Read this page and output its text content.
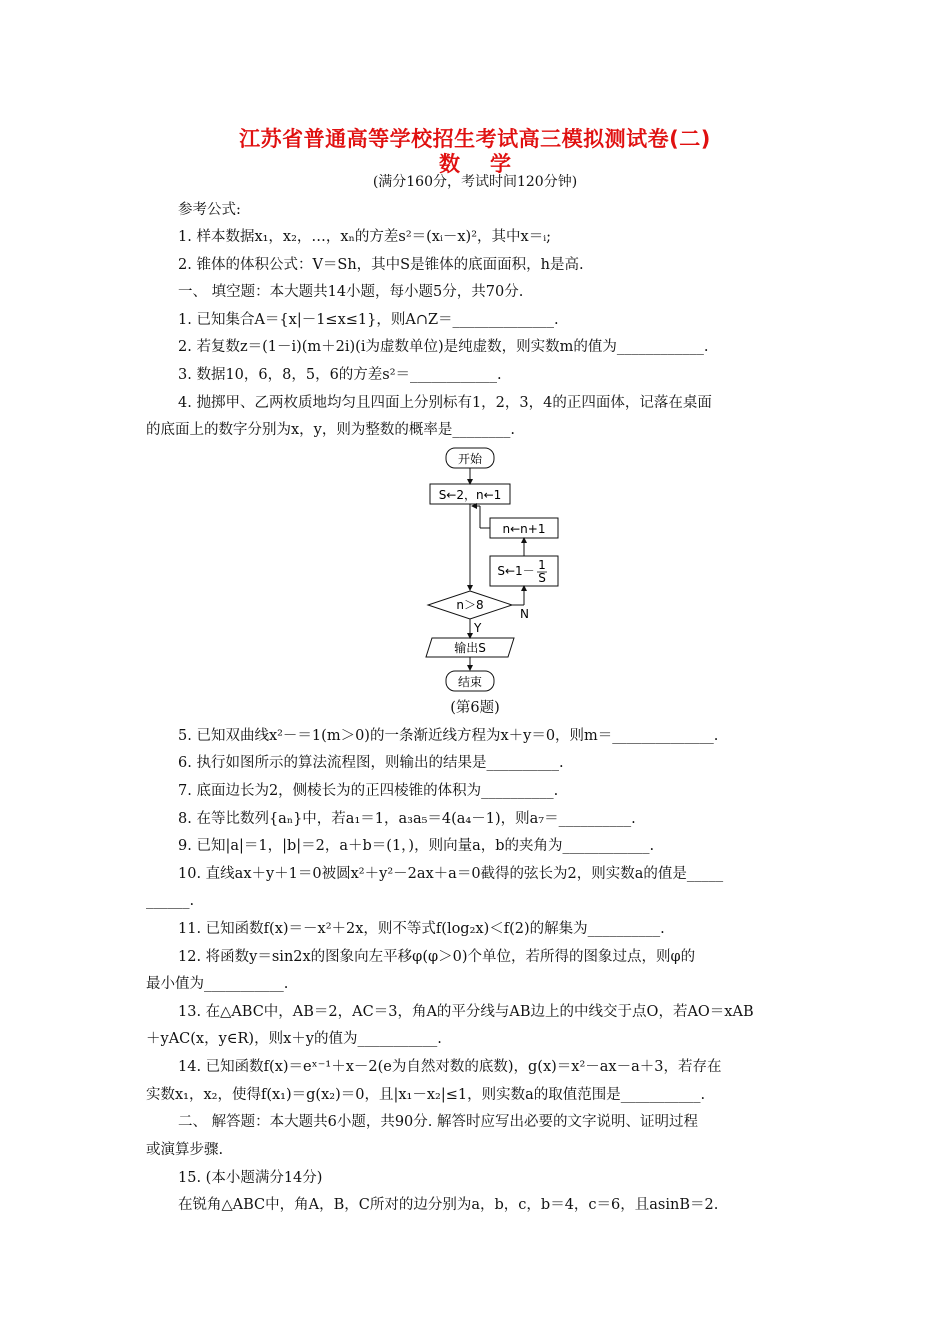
江苏省普通高等学校招生考试高三模拟测试卷(二)
数学
(满分160分，考试时间120分钟)
参考公式:
1. 样本数据x₁，x₂，…，xₙ的方差s²＝(xᵢ－x)²，其中x＝ᵢ;
2. 锥体的体积公式：V＝Sh，其中S是锥体的底面面积，h是高.
一、 填空题：本大题共14小题，每小题5分，共70分.
1. 已知集合A＝{x|－1≤x≤1}，则A∩Z＝______________.
2. 若复数z＝(1－i)(m＋2i)(i为虚数单位)是纯虚数，则实数m的值为____________.
3. 数据10，6，8，5，6的方差s²＝____________.
4. 抛掷甲、乙两枚质地均匀且四面上分别标有1，2，3，4的正四面体，记落在桌面
的底面上的数字分别为x，y，则为整数的概率是________.
开始
S←2，n←1
n←n+1
S←1－ 1
S
n＞8
Y
N
输出S
结束
(第6题)
5. 已知双曲线x²－＝1(m＞0)的一条渐近线方程为x＋y＝0，则m＝______________.
6. 执行如图所示的算法流程图，则输出的结果是__________.
7. 底面边长为2，侧棱长为的正四棱锥的体积为__________.
8. 在等比数列{aₙ}中，若a₁＝1，a₃a₅＝4(a₄－1)，则a₇＝__________.
9. 已知|a|＝1，|b|＝2，a＋b＝(1，)，则向量a，b的夹角为____________.
10. 直线ax＋y＋1＝0被圆x²＋y²－2ax＋a＝0截得的弦长为2，则实数a的值是_____
______.
11. 已知函数f(x)＝－x²＋2x，则不等式f(log₂x)＜f(2)的解集为__________.
12. 将函数y＝sin2x的图象向左平移φ(φ＞0)个单位，若所得的图象过点，则φ的
最小值为___________.
13. 在△ABC中，AB＝2，AC＝3，角A的平分线与AB边上的中线交于点O，若AO＝xAB
＋yAC(x，y∈R)，则x＋y的值为___________.
14. 已知函数f(x)＝eˣ⁻¹＋x－2(e为自然对数的底数)，g(x)＝x²－ax－a＋3，若存在
实数x₁，x₂，使得f(x₁)＝g(x₂)＝0，且|x₁－x₂|≤1，则实数a的取值范围是___________.
二、 解答题：本大题共6小题，共90分. 解答时应写出必要的文字说明、证明过程
或演算步骤.
15. (本小题满分14分)
在锐角△ABC中，角A，B，C所对的边分别为a，b，c，b＝4，c＝6，且asinB＝2.
